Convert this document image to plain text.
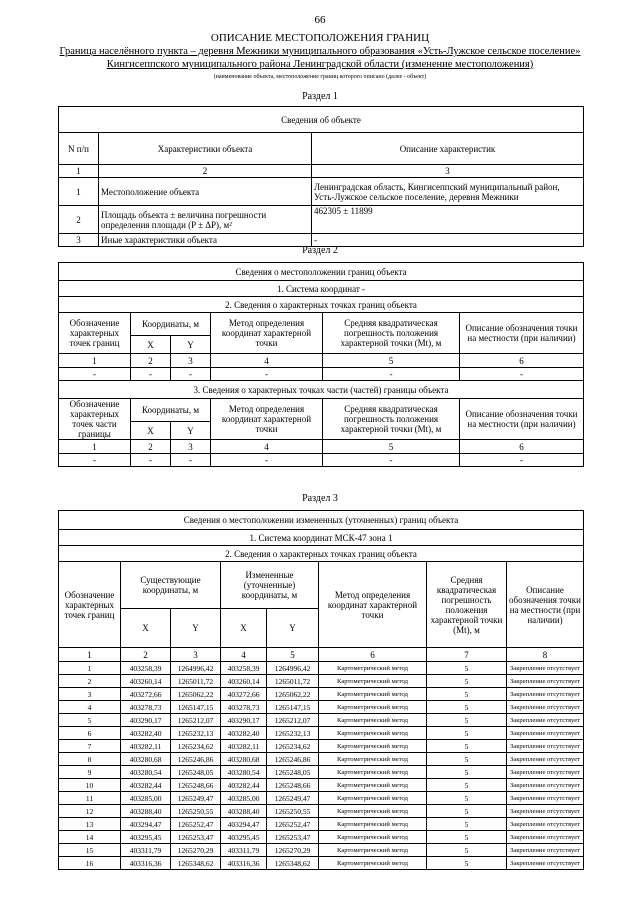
66
ОПИСАНИЕ МЕСТОПОЛОЖЕНИЯ ГРАНИЦ
Граница населённого пункта – деревня Межники муниципального образования «Усть-Лужское сельское поселение»
Кингисеппского муниципального района Ленинградской области (изменение местоположения)
(наименование объекта, местоположение границ которого описано (далее - объект)
Раздел 1
Сведения об объекте		
N п/п	Характеристики объекта	Описание характеристик
1	2	3
1	Местоположение объекта	Ленинградская область, Кингисеппский муниципальный район, Усть-Лужское сельское поселение, деревня Межники
2	Площадь объекта ± величина погрешности определения площади (P ± ΔP), м²	462305 ± 11899
3	Иные характеристики объекта	-
Раздел 2
Сведения о местоположении границ объекта					
1. Система координат -					
2. Сведения о характерных точках границ объекта					
Обозначение характерных точек границ	Координаты, м		Метод определения координат характерной точки	Средняя квадратическая погрешность положения характерной точки (Mt), м	Описание обозначения точки на местности (при наличии)
	X	Y			
1	2	3	4	5	6
-	-	-	-	-	-
3. Сведения о характерных точках части (частей) границы объекта					
Обозначение характерных точек части границы	Координаты, м		Метод определения координат характерной точки	Средняя квадратическая погрешность положения характерной точки (Mt), м	Описание обозначения точки на местности (при наличии)
	X	Y			
1	2	3	4	5	6
-	-	-	-	-	-
Раздел 3
Сведения о местоположении измененных (уточненных) границ объекта							
1. Система координат МСК-47 зона 1							
2. Сведения о характерных точках границ объекта							
Обозначение характерных точек границ	Существующие координаты, м		Измененные (уточненные) координаты, м		Метод определения координат характерной точки	Средняя квадратическая погрешность положения характерной точки (Mt), м	Описание обозначения точки на местности (при наличии)
	X	Y	X	Y			
1	2	3	4	5	6	7	8
1	403258,39	1264996,42	403258,39	1264996,42	Картометрический метод	5	Закрепление отсутствует
2	403260,14	1265011,72	403260,14	1265011,72	Картометрический метод	5	Закрепление отсутствует
3	403272,66	1265062,22	403272,66	1265062,22	Картометрический метод	5	Закрепление отсутствует
4	403278,73	1265147,15	403278,73	1265147,15	Картометрический метод	5	Закрепление отсутствует
5	403290,17	1265212,07	403290,17	1265212,07	Картометрический метод	5	Закрепление отсутствует
6	403282,40	1265232,13	403282,40	1265232,13	Картометрический метод	5	Закрепление отсутствует
7	403282,11	1265234,62	403282,11	1265234,62	Картометрический метод	5	Закрепление отсутствует
8	403280,68	1265246,86	403280,68	1265246,86	Картометрический метод	5	Закрепление отсутствует
9	403280,54	1265248,05	403280,54	1265248,05	Картометрический метод	5	Закрепление отсутствует
10	403282,44	1265248,66	403282,44	1265248,66	Картометрический метод	5	Закрепление отсутствует
11	403285,00	1265249,47	403285,00	1265249,47	Картометрический метод	5	Закрепление отсутствует
12	403288,40	1265250,55	403288,40	1265250,55	Картометрический метод	5	Закрепление отсутствует
13	403294,47	1265252,47	403294,47	1265252,47	Картометрический метод	5	Закрепление отсутствует
14	403295,45	1265253,47	403295,45	1265253,47	Картометрический метод	5	Закрепление отсутствует
15	403311,79	1265270,29	403311,79	1265270,29	Картометрический метод	5	Закрепление отсутствует
16	403316,36	1265348,62	403316,36	1265348,62	Картометрический метод	5	Закрепление отсутствует
